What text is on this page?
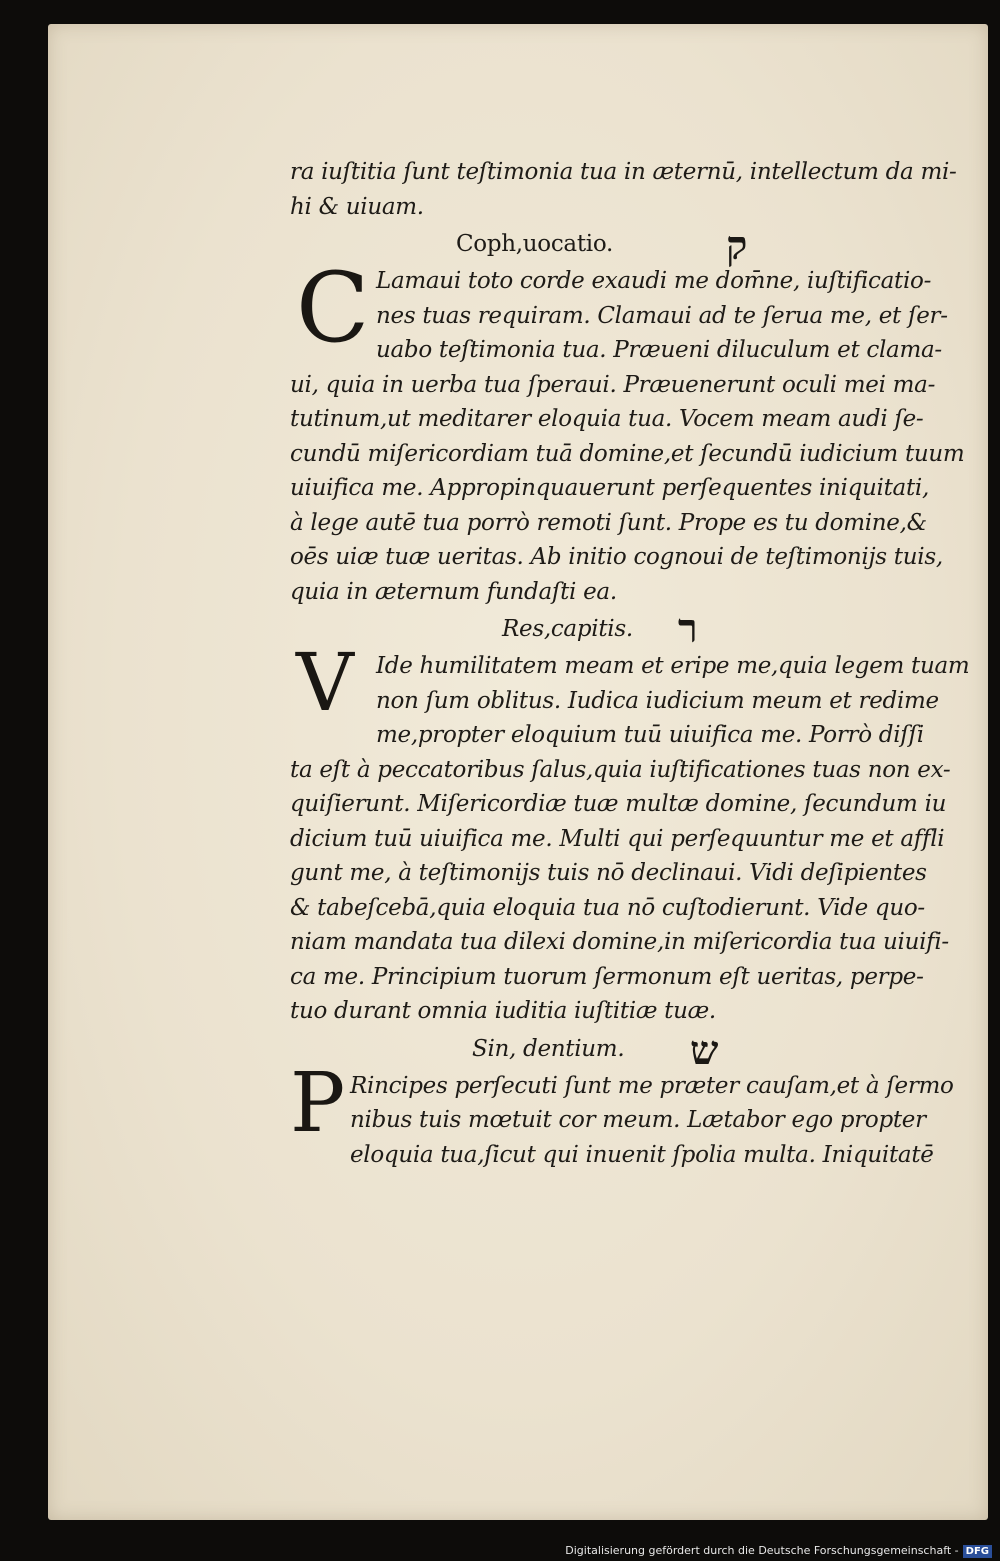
ra iuſtitia ſunt teſtimonia tua in æternū, intellectum da mi-
hi & uiuam.
Coph,uocatio.	ק
C Lamaui toto corde exaudi me dom̄ne, iuſtificatio-
nes tuas requiram. Clamaui ad te ſerua me, et ſer-
uabo teſtimonia tua. Præueni diluculum et clama-
ui, quia in uerba tua ſperaui. Præuenerunt oculi mei ma-
tutinum,ut meditarer eloquia tua. Vocem meam audi ſe-
cundū miſericordiam tuā domine,et ſecundū iudicium tuum
uiuifica me. Appropinquauerunt perſequentes iniquitati,
à lege autē tua porrò remoti ſunt. Prope es tu domine,&
oēs uiæ tuæ ueritas. Ab initio cognoui de teſtimonijs tuis,
quia in æternum fundaſti ea.
Res,capitis. ר
V Ide humilitatem meam et eripe me,quia legem tuam
non ſum oblitus. Iudica iudicium meum et redime
me,propter eloquium tuū uiuifica me. Porrò diſſi
ta eſt à peccatoribus ſalus,quia iuſtificationes tuas non ex-
quiſierunt. Miſericordiæ tuæ multæ domine, ſecundum iu
dicium tuū uiuifica me. Multi qui perſequuntur me et affli
gunt me, à teſtimonijs tuis nō declinaui. Vidi deſipientes
& tabeſcebā,quia eloquia tua nō cuſtodierunt. Vide quo-
niam mandata tua dilexi domine,in miſericordia tua uiuifi-
ca me. Principium tuorum ſermonum eſt ueritas, perpe-
tuo durant omnia iuditia iuſtitiæ tuæ.
Sin, dentium. ש
P Rincipes perſecuti ſunt me præter cauſam,et à ſermo
nibus tuis mœtuit cor meum. Lætabor ego propter
eloquia tua,ſicut qui inuenit ſpolia multa. Iniquitatē
Digitalisierung gefördert durch die Deutsche Forschungsgemeinschaft - DFG
